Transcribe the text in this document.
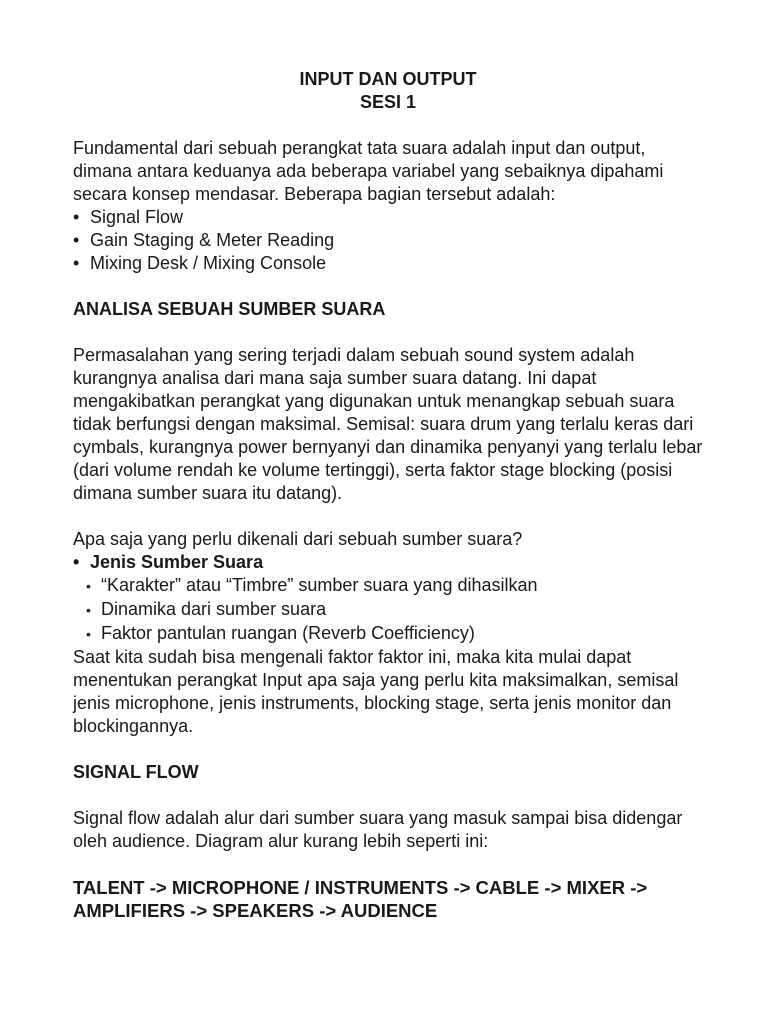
INPUT DAN OUTPUT
SESI 1

Fundamental dari sebuah perangkat tata suara adalah input dan output, dimana antara keduanya ada beberapa variabel yang sebaiknya dipahami secara konsep mendasar. Beberapa bagian tersebut adalah:

• Signal Flow
• Gain Staging & Meter Reading
• Mixing Desk / Mixing Console
ANALISA SEBUAH SUMBER SUARA

Permasalahan yang sering terjadi dalam sebuah sound system adalah kurangnya analisa dari mana saja sumber suara datang. Ini dapat mengakibatkan perangkat yang digunakan untuk menangkap sebuah suara tidak berfungsi dengan maksimal. Semisal: suara drum yang terlalu keras dari cymbals, kurangnya power bernyanyi dan dinamika penyanyi yang terlalu lebar (dari volume rendah ke volume tertinggi), serta faktor stage blocking (posisi dimana sumber suara itu datang).

Apa saja yang perlu dikenali dari sebuah sumber suara?

• Jenis Sumber Suara
• “Karakter” atau “Timbre” sumber suara yang dihasilkan
• Dinamika dari sumber suara
• Faktor pantulan ruangan (Reverb Coefficiency)

Saat kita sudah bisa mengenali faktor faktor ini, maka kita mulai dapat menentukan perangkat Input apa saja yang perlu kita maksimalkan, semisal jenis microphone, jenis instruments, blocking stage, serta jenis monitor dan blockingannya.

SIGNAL FLOW

Signal flow adalah alur dari sumber suara yang masuk sampai bisa didengar oleh audience. Diagram alur kurang lebih seperti ini:

TALENT -> MICROPHONE / INSTRUMENTS -> CABLE -> MIXER -> AMPLIFIERS -> SPEAKERS -> AUDIENCE
